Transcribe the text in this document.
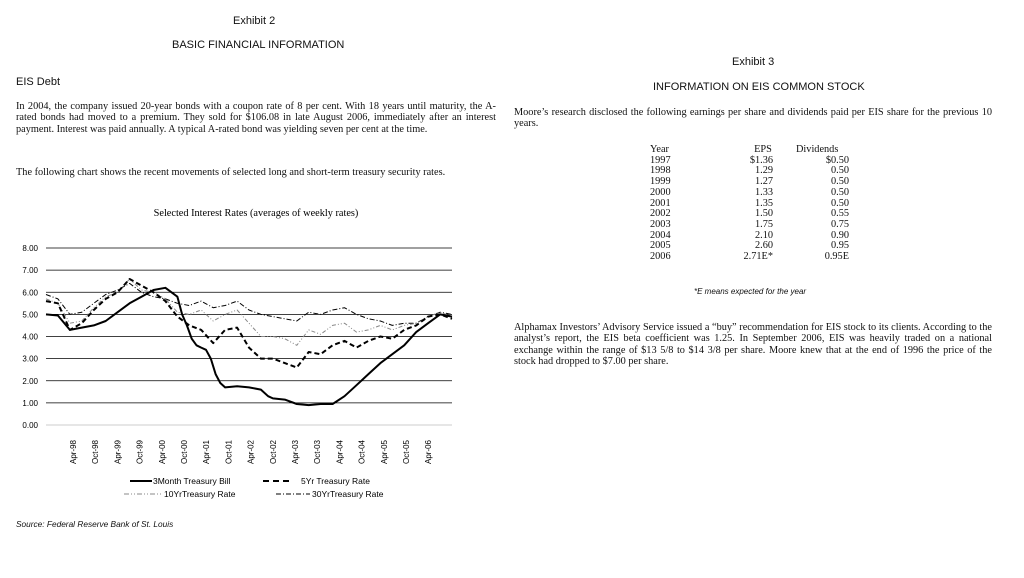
Exhibit 2
BASIC FINANCIAL INFORMATION
EIS Debt
In 2004, the company issued 20-year bonds with a coupon rate of 8 per cent. With 18 years until maturity, the A-rated bonds had moved to a premium. They sold for $106.08 in late August 2006, immediately after an interest payment. Interest was paid annually. A typical A-rated bond was yielding seven per cent at the time.
The following chart shows the recent movements of selected long and short-term treasury security rates.
Selected Interest Rates (averages of weekly rates)
0.00
1.00
2.00
3.00
4.00
5.00
6.00
7.00
8.00
Apr-98 Oct-98 Apr-99 Oct-99 Apr-00 Oct-00 Apr-01 Oct-01 Apr-02 Oct-02 Apr-03 Oct-03 Apr-04 Oct-04 Apr-05 Oct-05 Apr-06
3Month Treasury Bill	5Yr Treasury Rate
10YrTreasury Rate	30YrTreasury Rate
Source: Federal Reserve Bank of St. Louis
Exhibit 3
INFORMATION ON EIS COMMON STOCK
Moore’s research disclosed the following earnings per share and dividends paid per EIS share for the previous 10 years.
Year	EPS	Dividends
1997	$1.36	$0.50
1998	1.29	0.50
1999	1.27	0.50
2000	1.33	0.50
2001	1.35	0.50
2002	1.50	0.55
2003	1.75	0.75
2004	2.10	0.90
2005	2.60	0.95
2006	2.71E*	0.95E
*E means expected for the year
Alphamax Investors’ Advisory Service issued a “buy” recommendation for EIS stock to its clients. According to the analyst’s report, the EIS beta coefficient was 1.25. In September 2006, EIS was heavily traded on a national exchange within the range of $13 5/8 to $14 3/8 per share. Moore knew that at the end of 1996 the price of the stock had dropped to $7.00 per share.
